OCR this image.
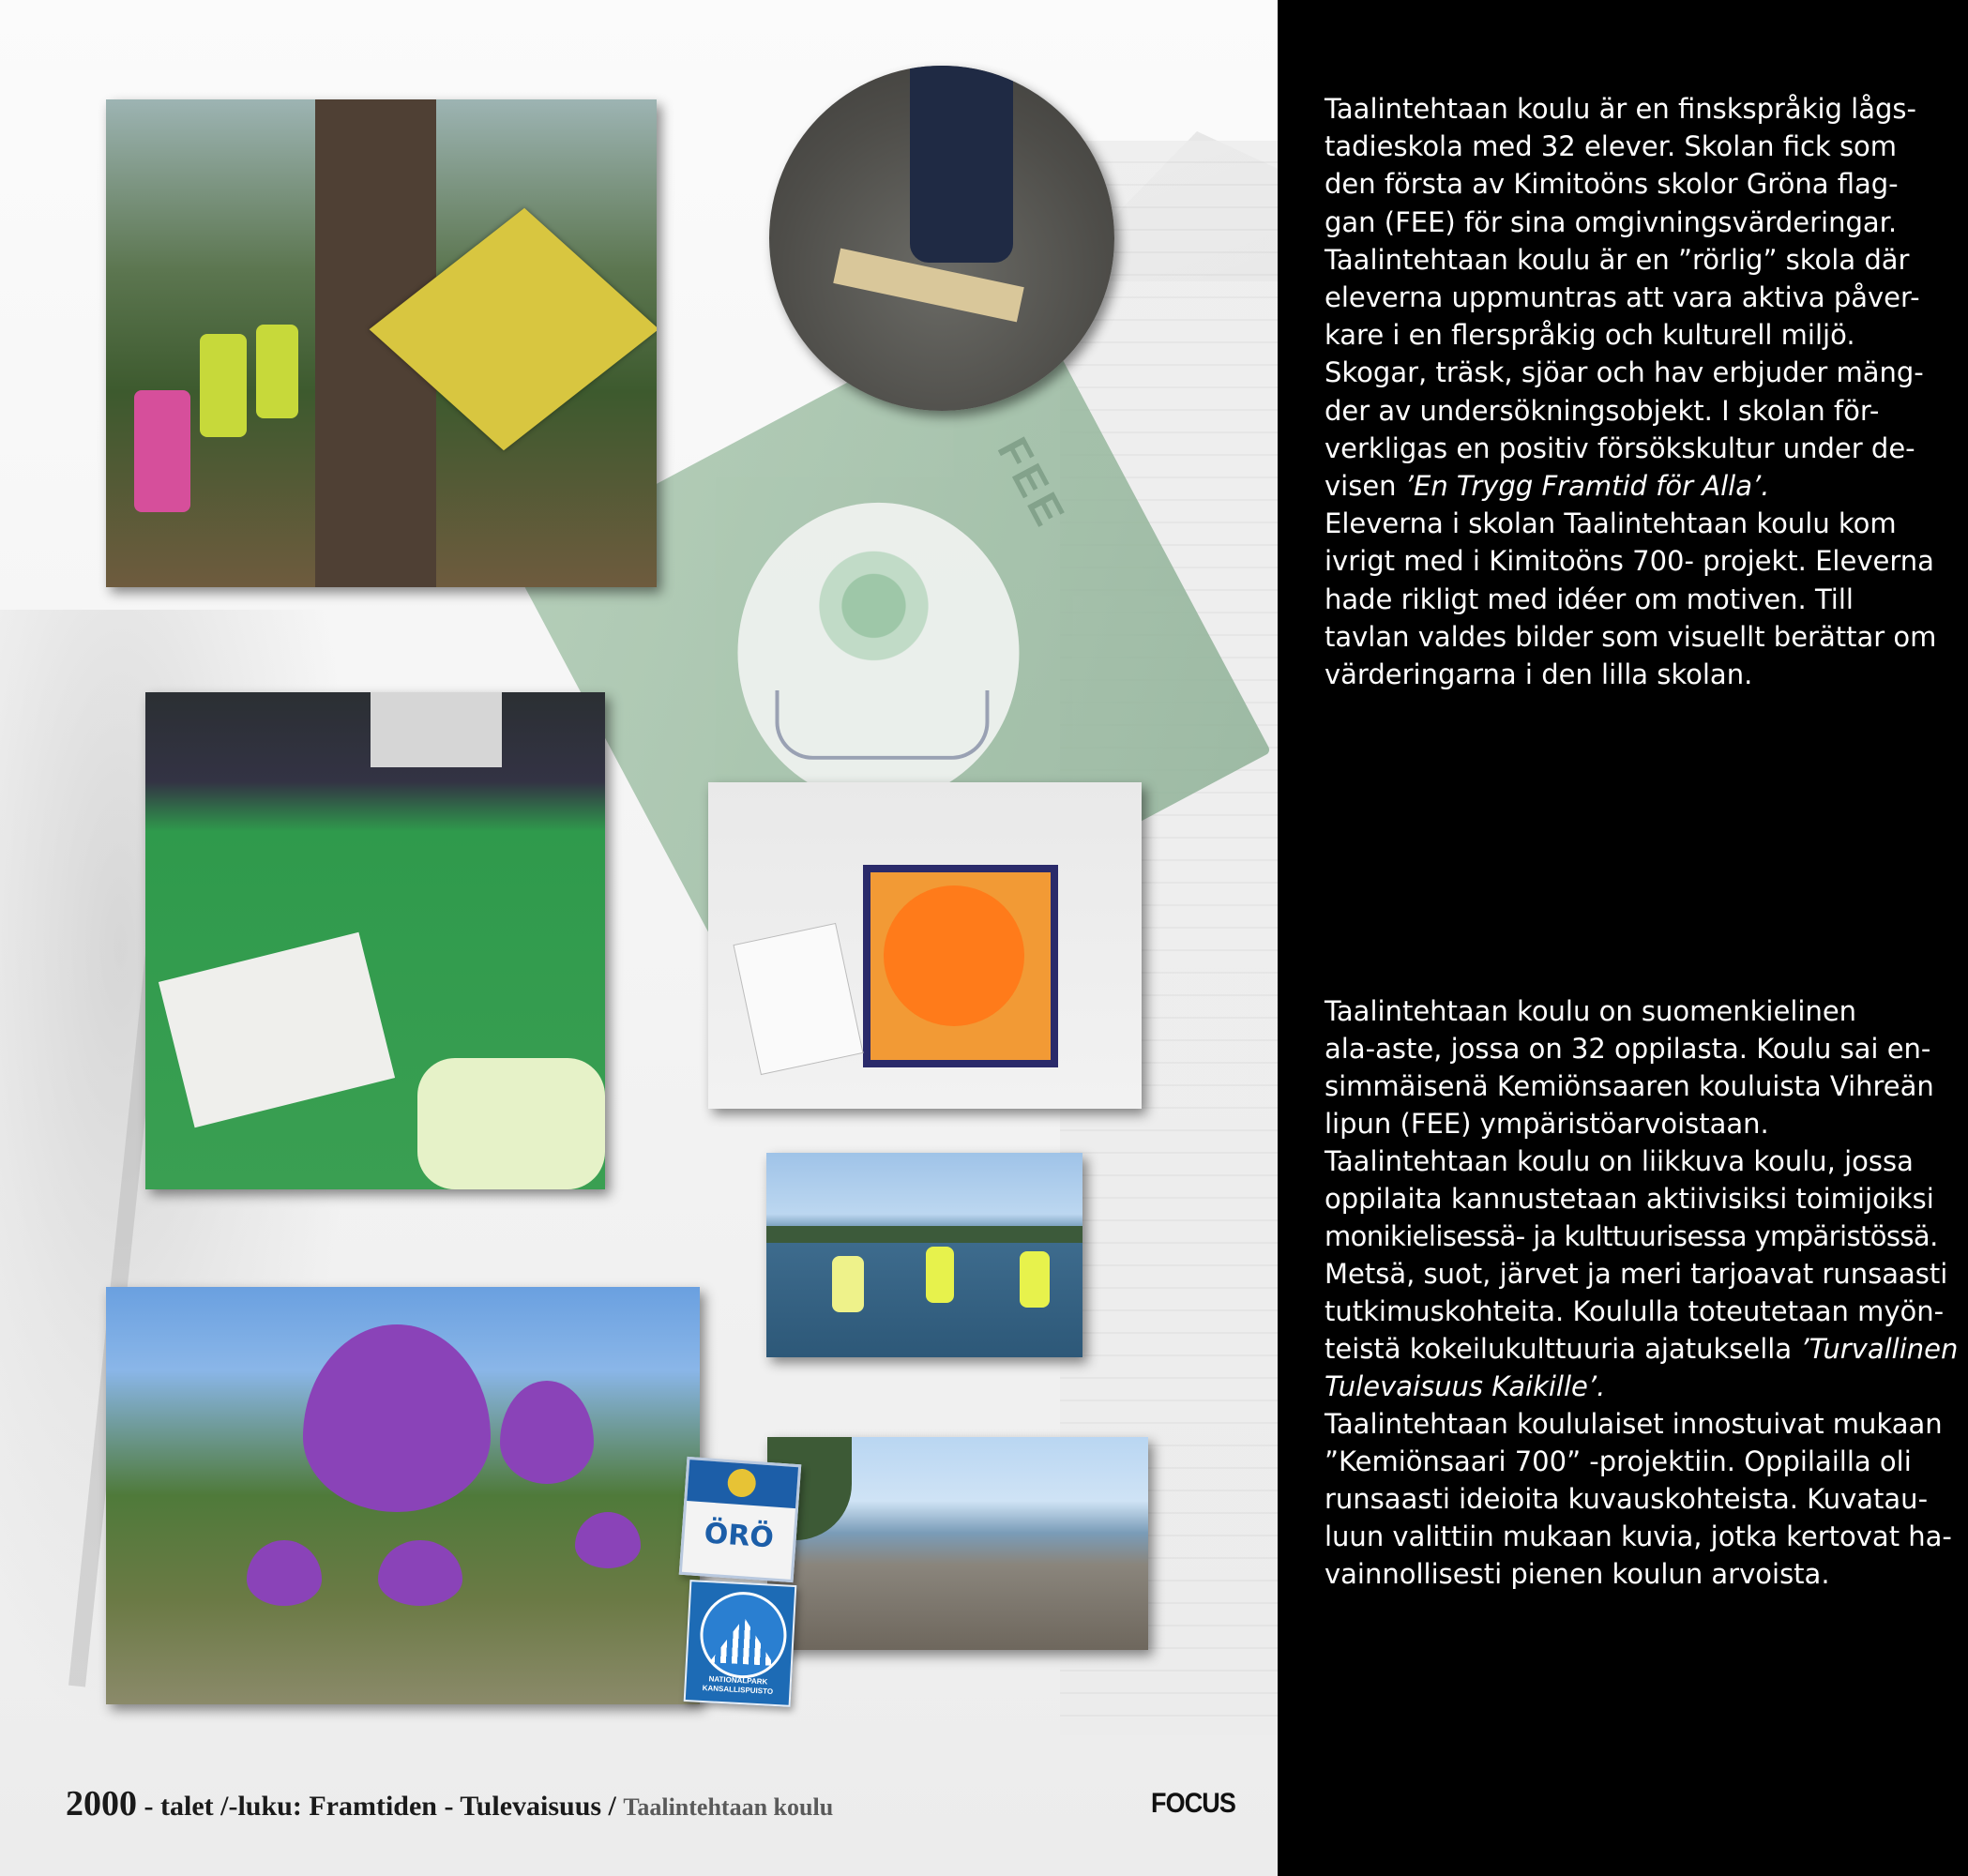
FEE
ÖRÖ
NATIONALPARK
KANSALLISPUISTO
2000 - talet /-luku: Framtiden - Tulevaisuus / Taalintehtaan koulu	FOCUS

Taalintehtaan koulu är en finskspråkig lågs-

tadieskola med 32 elever. Skolan fick som

den första av Kimitoöns skolor Gröna flag-

gan (FEE) för sina omgivningsvärderingar.

Taalintehtaan koulu är en ”rörlig” skola där

eleverna uppmuntras att vara aktiva påver-

kare i en flerspråkig och kulturell miljö.

Skogar, träsk, sjöar och hav erbjuder mäng-

der av undersökningsobjekt. I skolan för-

verkligas en positiv försökskultur under de-

visen ’En Trygg Framtid för Alla’.

Eleverna i skolan Taalintehtaan koulu kom

ivrigt med i Kimitoöns 700- projekt. Eleverna

hade rikligt med idéer om motiven. Till

tavlan valdes bilder som visuellt berättar om

värderingarna i den lilla skolan.

Taalintehtaan koulu on suomenkielinen

ala-aste, jossa on 32 oppilasta. Koulu sai en-

simmäisenä Kemiönsaaren kouluista Vihreän

lipun (FEE) ympäristöarvoistaan.

Taalintehtaan koulu on liikkuva koulu, jossa

oppilaita kannustetaan aktiivisiksi toimijoiksi

monikielisessä- ja kulttuurisessa ympäristössä.

Metsä, suot, järvet ja meri tarjoavat runsaasti

tutkimuskohteita. Koululla toteutetaan myön-

teistä kokeilukulttuuria ajatuksella ’Turvallinen

Tulevaisuus Kaikille’.

Taalintehtaan koululaiset innostuivat mukaan

”Kemiönsaari 700” -projektiin. Oppilailla oli

runsaasti ideioita kuvauskohteista. Kuvatau-

luun valittiin mukaan kuvia, jotka kertovat ha-

vainnollisesti pienen koulun arvoista.
